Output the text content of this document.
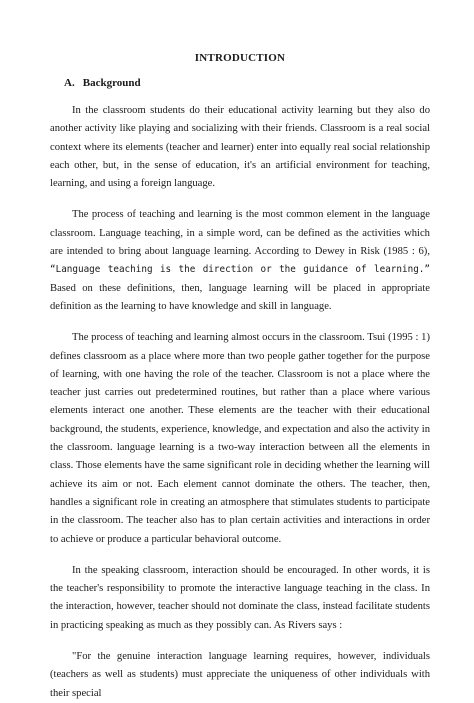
INTRODUCTION
A. Background

In the classroom students do their educational activity learning but they also do another activity like playing and socializing with their friends. Classroom is a real social context where its elements (teacher and learner) enter into equally real social relationship each other, but, in the sense of education, it's an artificial environment for teaching, learning, and using a foreign language.

The process of teaching and learning is the most common element in the language classroom. Language teaching, in a simple word, can be defined as the activities which are intended to bring about language learning. According to Dewey in Risk (1985 : 6), “Language teaching is the direction or the guidance of learning.” Based on these definitions, then, language learning will be placed in appropriate definition as the learning to have knowledge and skill in language.

The process of teaching and learning almost occurs in the classroom. Tsui (1995 : 1) defines classroom as a place where more than two people gather together for the purpose of learning, with one having the role of the teacher. Classroom is not a place where the teacher just carries out predetermined routines, but rather than a place where various elements interact one another. These elements are the teacher with their educational background, the students, experience, knowledge, and expectation and also the activity in the classroom. language learning is a two-way interaction between all the elements in class. Those elements have the same significant role in deciding whether the learning will achieve its aim or not. Each element cannot dominate the others. The teacher, then, handles a significant role in creating an atmosphere that stimulates students to participate in the classroom. The teacher also has to plan certain activities and interactions in order to achieve or produce a particular behavioral outcome.

In the speaking classroom, interaction should be encouraged. In other words, it is the teacher's responsibility to promote the interactive language teaching in the class. In the interaction, however, teacher should not dominate the class, instead facilitate students in practicing speaking as much as they possibly can. As Rivers says :

"For the genuine interaction language learning requires, however, individuals (teachers as well as students) must appreciate the uniqueness of other individuals with their special
